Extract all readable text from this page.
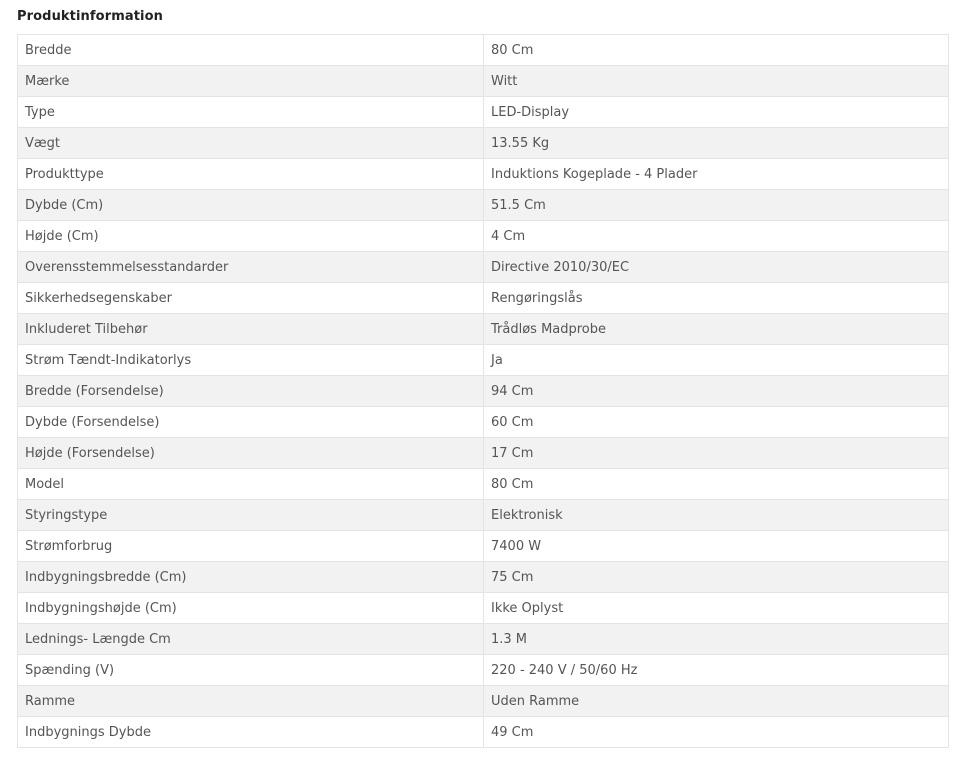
Produktinformation
Bredde	80 Cm
Mærke	Witt
Type	LED-Display
Vægt	13.55 Kg
Produkttype	Induktions Kogeplade - 4 Plader
Dybde (Cm)	51.5 Cm
Højde (Cm)	4 Cm
Overensstemmelsesstandarder	Directive 2010/30/EC
Sikkerhedsegenskaber	Rengøringslås
Inkluderet Tilbehør	Trådløs Madprobe
Strøm Tændt-Indikatorlys	Ja
Bredde (Forsendelse)	94 Cm
Dybde (Forsendelse)	60 Cm
Højde (Forsendelse)	17 Cm
Model	80 Cm
Styringstype	Elektronisk
Strømforbrug	7400 W
Indbygningsbredde (Cm)	75 Cm
Indbygningshøjde (Cm)	Ikke Oplyst
Lednings- Længde Cm	1.3 M
Spænding (V)	220 - 240 V / 50/60 Hz
Ramme	Uden Ramme
Indbygnings Dybde	49 Cm
